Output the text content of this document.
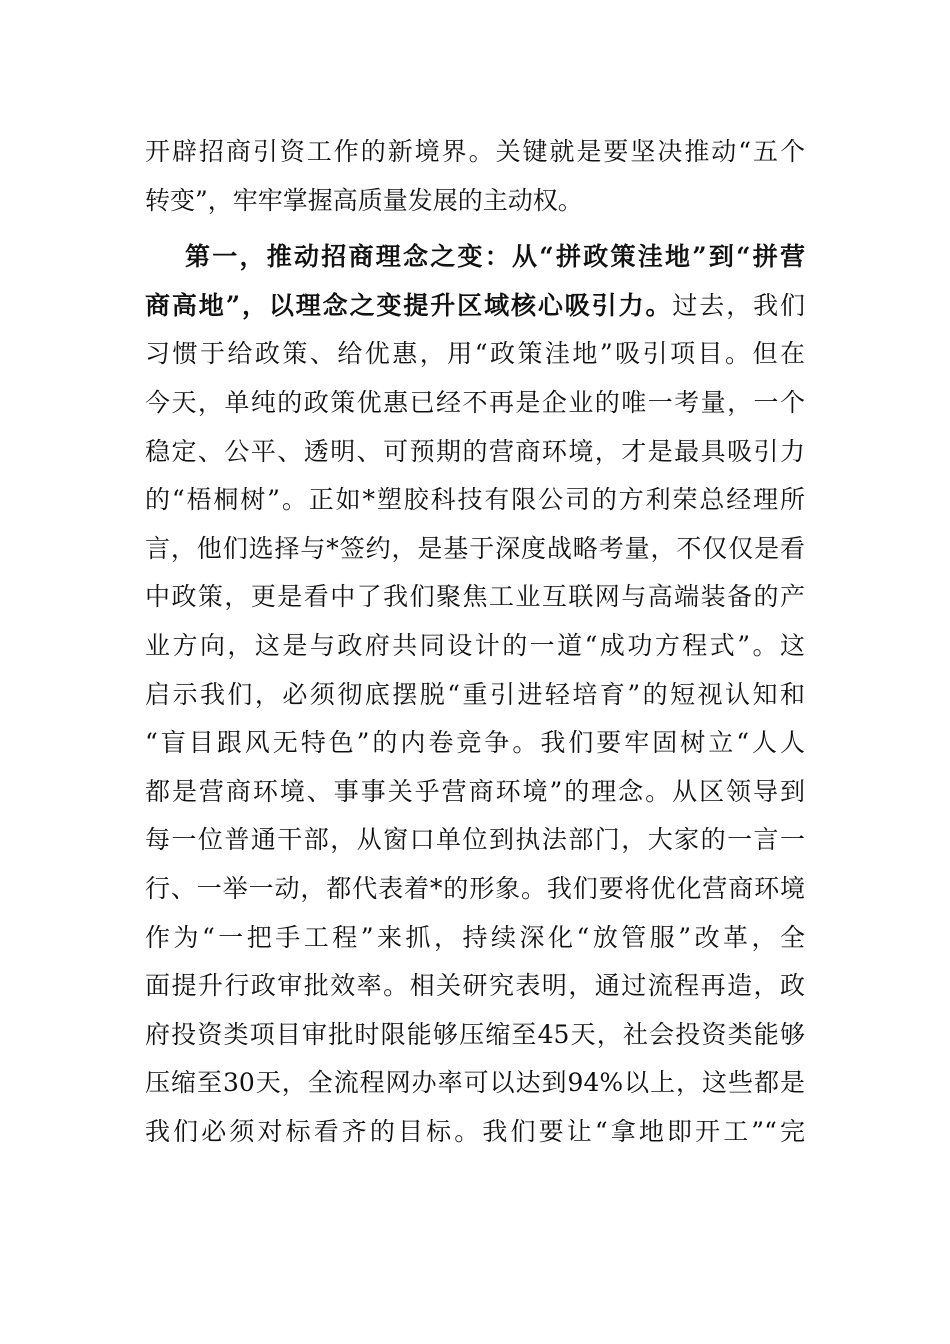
开辟招商引资工作的新境界。关键就是要坚决推动“五个
转变”，牢牢掌握高质量发展的主动权。
第一，推动招商理念之变：从“拼政策洼地”到“拼营
商高地”，以理念之变提升区域核心吸引力。过去，我们
习惯于给政策、给优惠，用“政策洼地”吸引项目。但在
今天，单纯的政策优惠已经不再是企业的唯一考量，一个
稳定、公平、透明、可预期的营商环境，才是最具吸引力
的“梧桐树”。正如*塑胶科技有限公司的方利荣总经理所
言，他们选择与*签约，是基于深度战略考量，不仅仅是看
中政策，更是看中了我们聚焦工业互联网与高端装备的产
业方向，这是与政府共同设计的一道“成功方程式”。这
启示我们，必须彻底摆脱“重引进轻培育”的短视认知和
“盲目跟风无特色”的内卷竞争。我们要牢固树立“人人
都是营商环境、事事关乎营商环境”的理念。从区领导到
每一位普通干部，从窗口单位到执法部门，大家的一言一
行、一举一动，都代表着*的形象。我们要将优化营商环境
作为“一把手工程”来抓，持续深化“放管服”改革，全
面提升行政审批效率。相关研究表明，通过流程再造，政
府投资类项目审批时限能够压缩至45天，社会投资类能够
压缩至30天，全流程网办率可以达到94%以上，这些都是
我们必须对标看齐的目标。我们要让“拿地即开工”“完
